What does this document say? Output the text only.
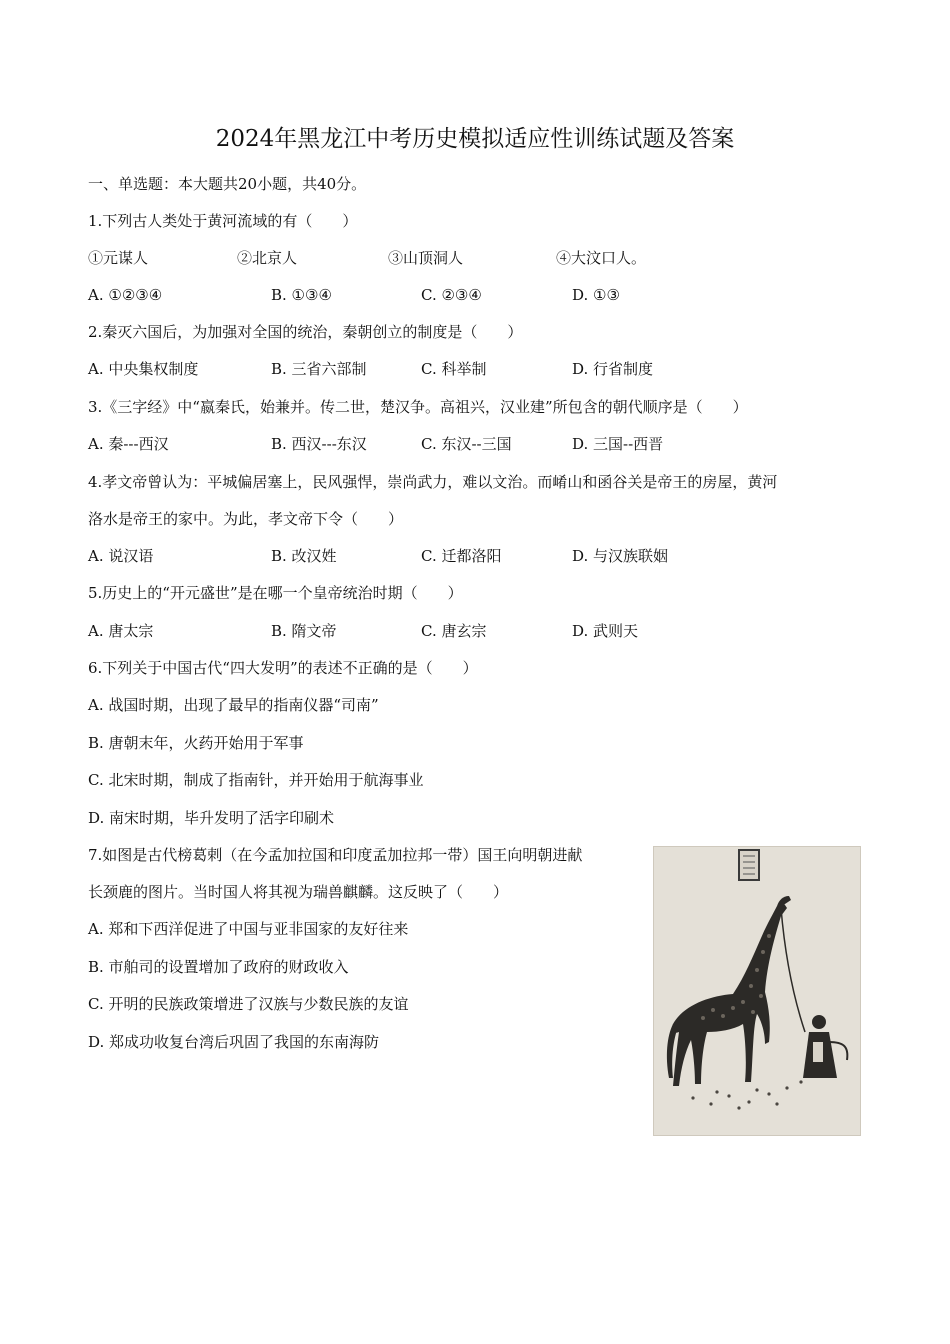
2024年黑龙江中考历史模拟适应性训练试题及答案
一、单选题：本大题共20小题，共40分。
1.下列古人类处于黄河流域的有（　　）
①元谋人	②北京人	③山顶洞人	④大汶口人。
A. ①②③④	B. ①③④	C. ②③④	D. ①③
2.秦灭六国后，为加强对全国的统治，秦朝创立的制度是（　　）
A. 中央集权制度	B. 三省六部制	C. 科举制	D. 行省制度
3.《三字经》中“嬴秦氏，始兼并。传二世，楚汉争。高祖兴，汉业建”所包含的朝代顺序是（　　）
A. 秦---西汉	B. 西汉---东汉	C. 东汉--三国	D. 三国--西晋
4.孝文帝曾认为：平城偏居塞上，民风强悍，崇尚武力，难以文治。而崤山和函谷关是帝王的房屋，黄河
洛水是帝王的家中。为此，孝文帝下令（　　）
A. 说汉语	B. 改汉姓	C. 迁都洛阳	D. 与汉族联姻
5.历史上的“开元盛世”是在哪一个皇帝统治时期（　　）
A. 唐太宗	B. 隋文帝	C. 唐玄宗	D. 武则天
6.下列关于中国古代“四大发明”的表述不正确的是（　　）
A. 战国时期，出现了最早的指南仪器“司南”
B. 唐朝末年，火药开始用于军事
C. 北宋时期，制成了指南针，并开始用于航海事业
D. 南宋时期，毕升发明了活字印刷术
7.如图是古代榜葛剌（在今孟加拉国和印度孟加拉邦一带）国王向明朝进献
长颈鹿的图片。当时国人将其视为瑞兽麒麟。这反映了（　　）
A. 郑和下西洋促进了中国与亚非国家的友好往来
B. 市舶司的设置增加了政府的财政收入
C. 开明的民族政策增进了汉族与少数民族的友谊
D. 郑成功收复台湾后巩固了我国的东南海防
